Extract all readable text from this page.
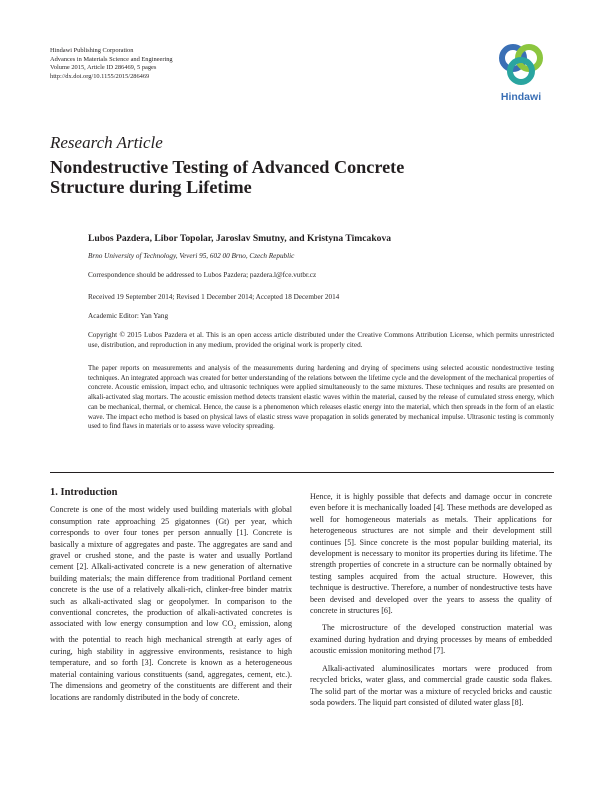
Hindawi Publishing Corporation
Advances in Materials Science and Engineering
Volume 2015, Article ID 286469, 5 pages
http://dx.doi.org/10.1155/2015/286469
Hindawi
Research Article
Nondestructive Testing of Advanced Concrete Structure during Lifetime
Lubos Pazdera, Libor Topolar, Jaroslav Smutny, and Kristyna Timcakova
Brno University of Technology, Veveri 95, 602 00 Brno, Czech Republic
Correspondence should be addressed to Lubos Pazdera; pazdera.l@fce.vutbr.cz
Received 19 September 2014; Revised 1 December 2014; Accepted 18 December 2014
Academic Editor: Yan Yang
Copyright © 2015 Lubos Pazdera et al. This is an open access article distributed under the Creative Commons Attribution License, which permits unrestricted use, distribution, and reproduction in any medium, provided the original work is properly cited.
The paper reports on measurements and analysis of the measurements during hardening and drying of specimens using selected acoustic nondestructive testing techniques. An integrated approach was created for better understanding of the relations between the lifetime cycle and the development of the mechanical properties of concrete. Acoustic emission, impact echo, and ultrasonic techniques were applied simultaneously to the same mixtures. These techniques and results are presented on alkali-activated slag mortars. The acoustic emission method detects transient elastic waves within the material, caused by the release of cumulated stress energy, which can be mechanical, thermal, or chemical. Hence, the cause is a phenomenon which releases elastic energy into the material, which then spreads in the form of an elastic wave. The impact echo method is based on physical laws of elastic stress wave propagation in solids generated by mechanical impulse. Ultrasonic testing is commonly used to find flaws in materials or to assess wave velocity spreading.
1. Introduction

Concrete is one of the most widely used building materials with global consumption rate approaching 25 gigatonnes (Gt) per year, which corresponds to over four tones per person annually [1]. Concrete is basically a mixture of aggregates and paste. The aggregates are sand and gravel or crushed stone, and the paste is water and usually Portland cement [2]. Alkali-activated concrete is a new generation of alternative building materials; the main difference from traditional Portland cement concrete is the use of a relatively alkali-rich, clinker-free binder matrix such as alkali-activated slag or geopolymer. In comparison to the conventional concretes, the production of alkali-activated concretes is associated with low energy consumption and low $CO_2$ emission, along with the potential to reach high mechanical strength at early ages of curing, high stability in aggressive environments, resistance to high temperature, and so forth [3]. Concrete is known as a heterogeneous material containing various constituents (sand, aggregates, cement, etc.). The dimensions and geometry of the constituents are different and their locations are randomly distributed in the body of concrete.

Hence, it is highly possible that defects and damage occur in concrete even before it is mechanically loaded [4]. These methods are developed as well for homogeneous materials as metals. Their applications for heterogeneous structures are not simple and their development still continues [5]. Since concrete is the most popular building material, its development is necessary to monitor its properties during its lifetime. The strength properties of concrete in a structure can be normally obtained by testing samples acquired from the actual structure. However, this technique is destructive. Therefore, a number of nondestructive tests have been devised and developed over the years to assess the quality of concrete in structures [6].

The microstructure of the developed construction material was examined during hydration and drying processes by means of embedded acoustic emission monitoring method [7].

Alkali-activated aluminosilicates mortars were produced from recycled bricks, water glass, and commercial grade caustic soda flakes. The solid part of the mortar was a mixture of recycled bricks and caustic soda powders. The liquid part consisted of diluted water glass [8].
